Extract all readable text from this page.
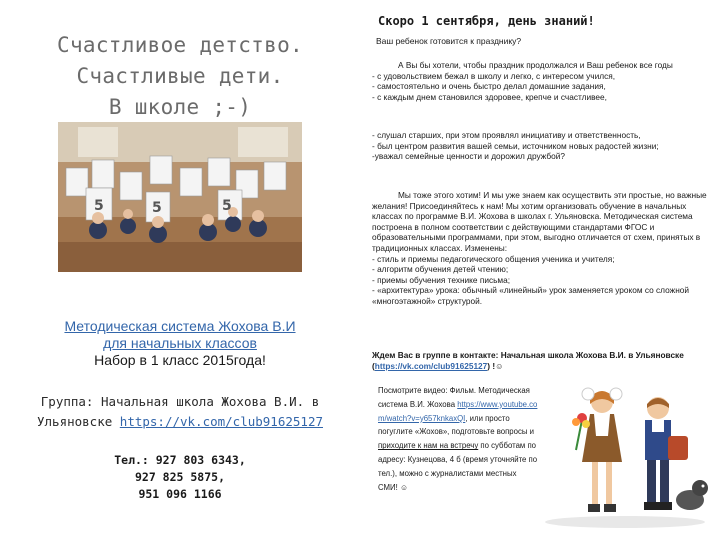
Счастливое детство.
Счастливые дети.
В школе ;-)
5	5	5
Методическая система Жохова В.И
для начальных классов
Набор в 1 класс 2015года!
Группа: Начальная школа Жохова В.И. в Ульяновске https://vk.com/club91625127
Тел.: 927 803 6343,
927 825 5875,
951 096 1166
Скоро 1 сентября, день знаний!
Ваш ребенок готовится к празднику?
А Вы бы хотели, чтобы праздник продолжался и Ваш ребенок все годы
- с удовольствием бежал в школу и легко, с интересом учился,
- самостоятельно и очень быстро делал домашние задания,
- с каждым днем становился здоровее, крепче и счастливее,
- слушал старших, при этом проявлял инициативу и ответственность,
- был центром развития вашей семьи, источником новых радостей жизни;
-уважал семейные ценности и дорожил дружбой?
Мы тоже этого хотим! И мы уже знаем как осуществить эти простые, но важные желания! Присоединяйтесь к нам! Мы хотим организовать обучение в начальных классах по программе В.И. Жохова в школах г. Ульяновска. Методическая система построена в полном соответствии с действующими стандартами ФГОС и образовательными программами, при этом, выгодно отличается от схем, принятых в традиционных классах. Изменены:
- стиль и приемы педагогического общения ученика и учителя;
- алгоритм обучения детей чтению;
- приемы обучения технике письма;
- «архитектура» урока: обычный «линейный» урок заменяется уроком со сложной «многоэтажной» структурой.
Ждем Вас в группе в контакте: Начальная школа Жохова В.И. в Ульяновске (https://vk.com/club91625127) !☺
Посмотрите видео: Фильм. Методическая система В.И. Жохова https://www.youtube.com/watch?v=y657knkaxQI, или просто погуглите «Жохов», подготовьте вопросы и приходите к нам на встречу по субботам по адресу: Кузнецова, 4 б (время уточняйте по тел.), можно с журналистами местных СМИ! ☺
